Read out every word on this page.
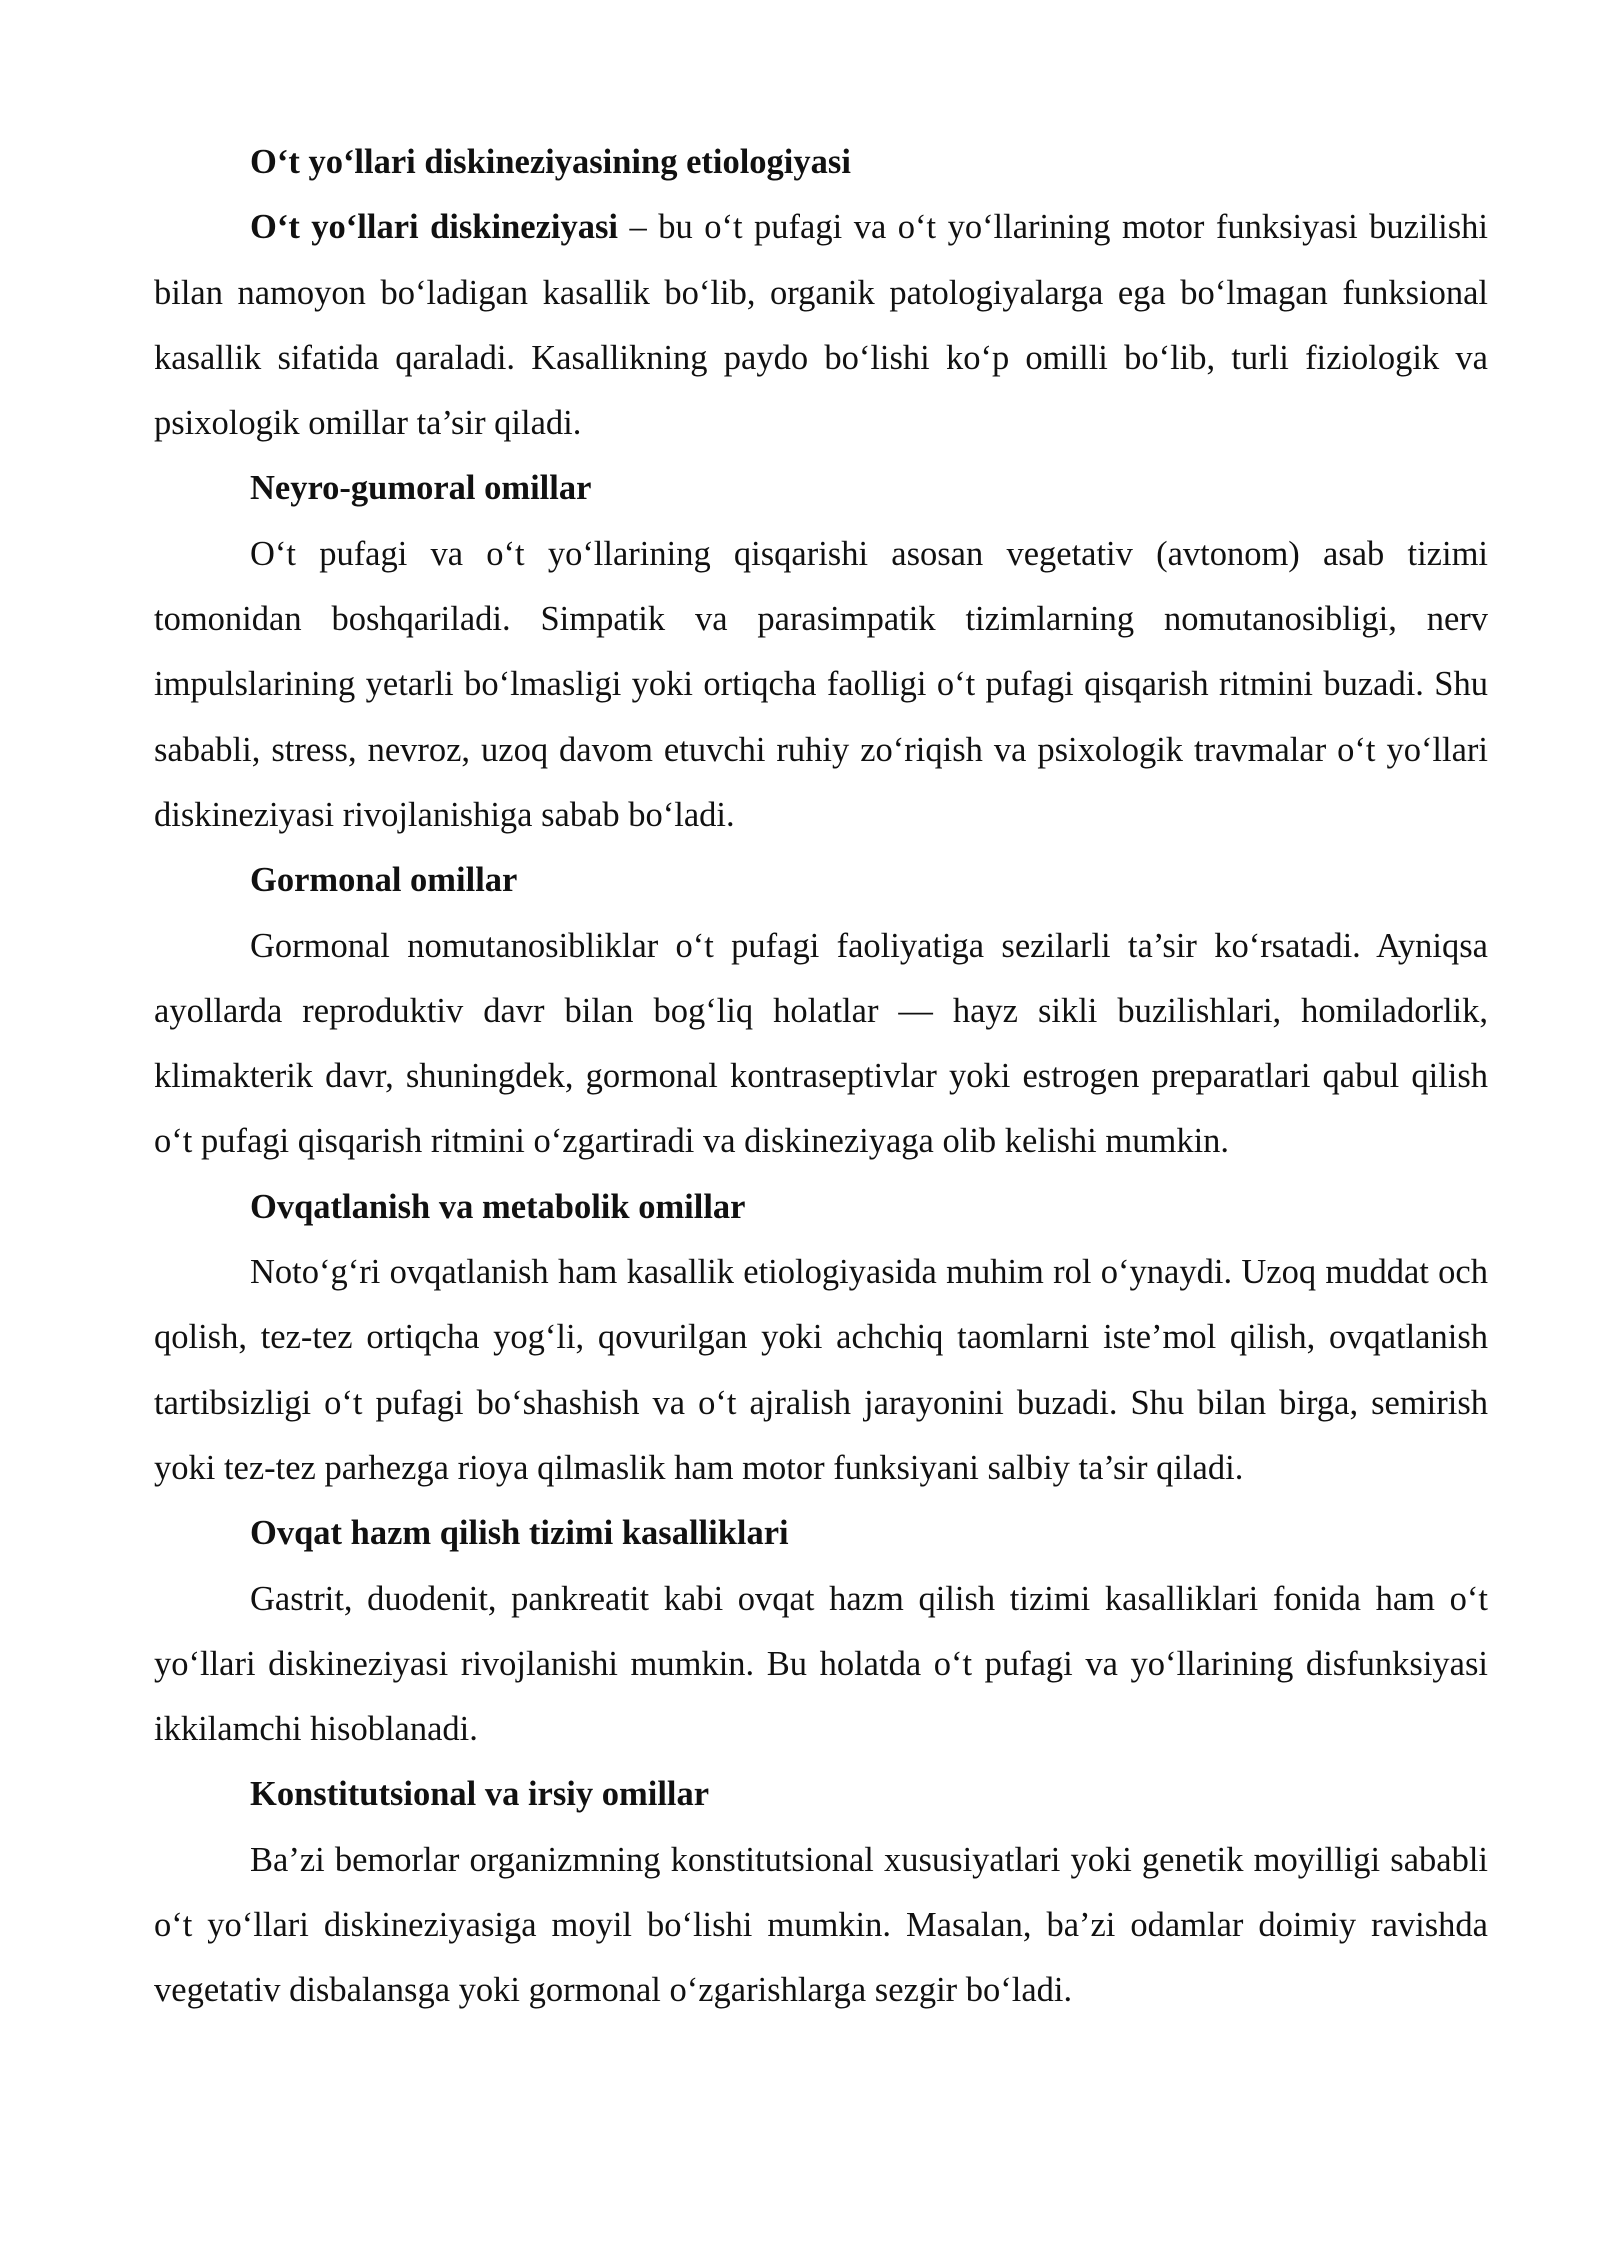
O‘t yo‘llari diskineziyasining etiologiyasi

O‘t yo‘llari diskineziyasi – bu o‘t pufagi va o‘t yo‘llarining motor funksiyasi buzilishi bilan namoyon bo‘ladigan kasallik bo‘lib, organik patologiyalarga ega bo‘lmagan funksional kasallik sifatida qaraladi. Kasallikning paydo bo‘lishi ko‘p omilli bo‘lib, turli fiziologik va psixologik omillar ta’sir qiladi.

Neyro-gumoral omillar

O‘t pufagi va o‘t yo‘llarining qisqarishi asosan vegetativ (avtonom) asab tizimi tomonidan boshqariladi. Simpatik va parasimpatik tizimlarning nomutanosibligi, nerv impulslarining yetarli bo‘lmasligi yoki ortiqcha faolligi o‘t pufagi qisqarish ritmini buzadi. Shu sababli, stress, nevroz, uzoq davom etuvchi ruhiy zo‘riqish va psixologik travmalar o‘t yo‘llari diskineziyasi rivojlanishiga sabab bo‘ladi.

Gormonal omillar

Gormonal nomutanosibliklar o‘t pufagi faoliyatiga sezilarli ta’sir ko‘rsatadi. Ayniqsa ayollarda reproduktiv davr bilan bog‘liq holatlar — hayz sikli buzilishlari, homiladorlik, klimakterik davr, shuningdek, gormonal kontraseptivlar yoki estrogen preparatlari qabul qilish o‘t pufagi qisqarish ritmini o‘zgartiradi va diskineziyaga olib kelishi mumkin.

Ovqatlanish va metabolik omillar

Noto‘g‘ri ovqatlanish ham kasallik etiologiyasida muhim rol o‘ynaydi. Uzoq muddat och qolish, tez-tez ortiqcha yog‘li, qovurilgan yoki achchiq taomlarni iste’mol qilish, ovqatlanish tartibsizligi o‘t pufagi bo‘shashish va o‘t ajralish jarayonini buzadi. Shu bilan birga, semirish yoki tez-tez parhezga rioya qilmaslik ham motor funksiyani salbiy ta’sir qiladi.

Ovqat hazm qilish tizimi kasalliklari

Gastrit, duodenit, pankreatit kabi ovqat hazm qilish tizimi kasalliklari fonida ham o‘t yo‘llari diskineziyasi rivojlanishi mumkin. Bu holatda o‘t pufagi va yo‘llarining disfunksiyasi ikkilamchi hisoblanadi.

Konstitutsional va irsiy omillar

Ba’zi bemorlar organizmning konstitutsional xususiyatlari yoki genetik moyilligi sababli o‘t yo‘llari diskineziyasiga moyil bo‘lishi mumkin. Masalan, ba’zi odamlar doimiy ravishda vegetativ disbalansga yoki gormonal o‘zgarishlarga sezgir bo‘ladi.
